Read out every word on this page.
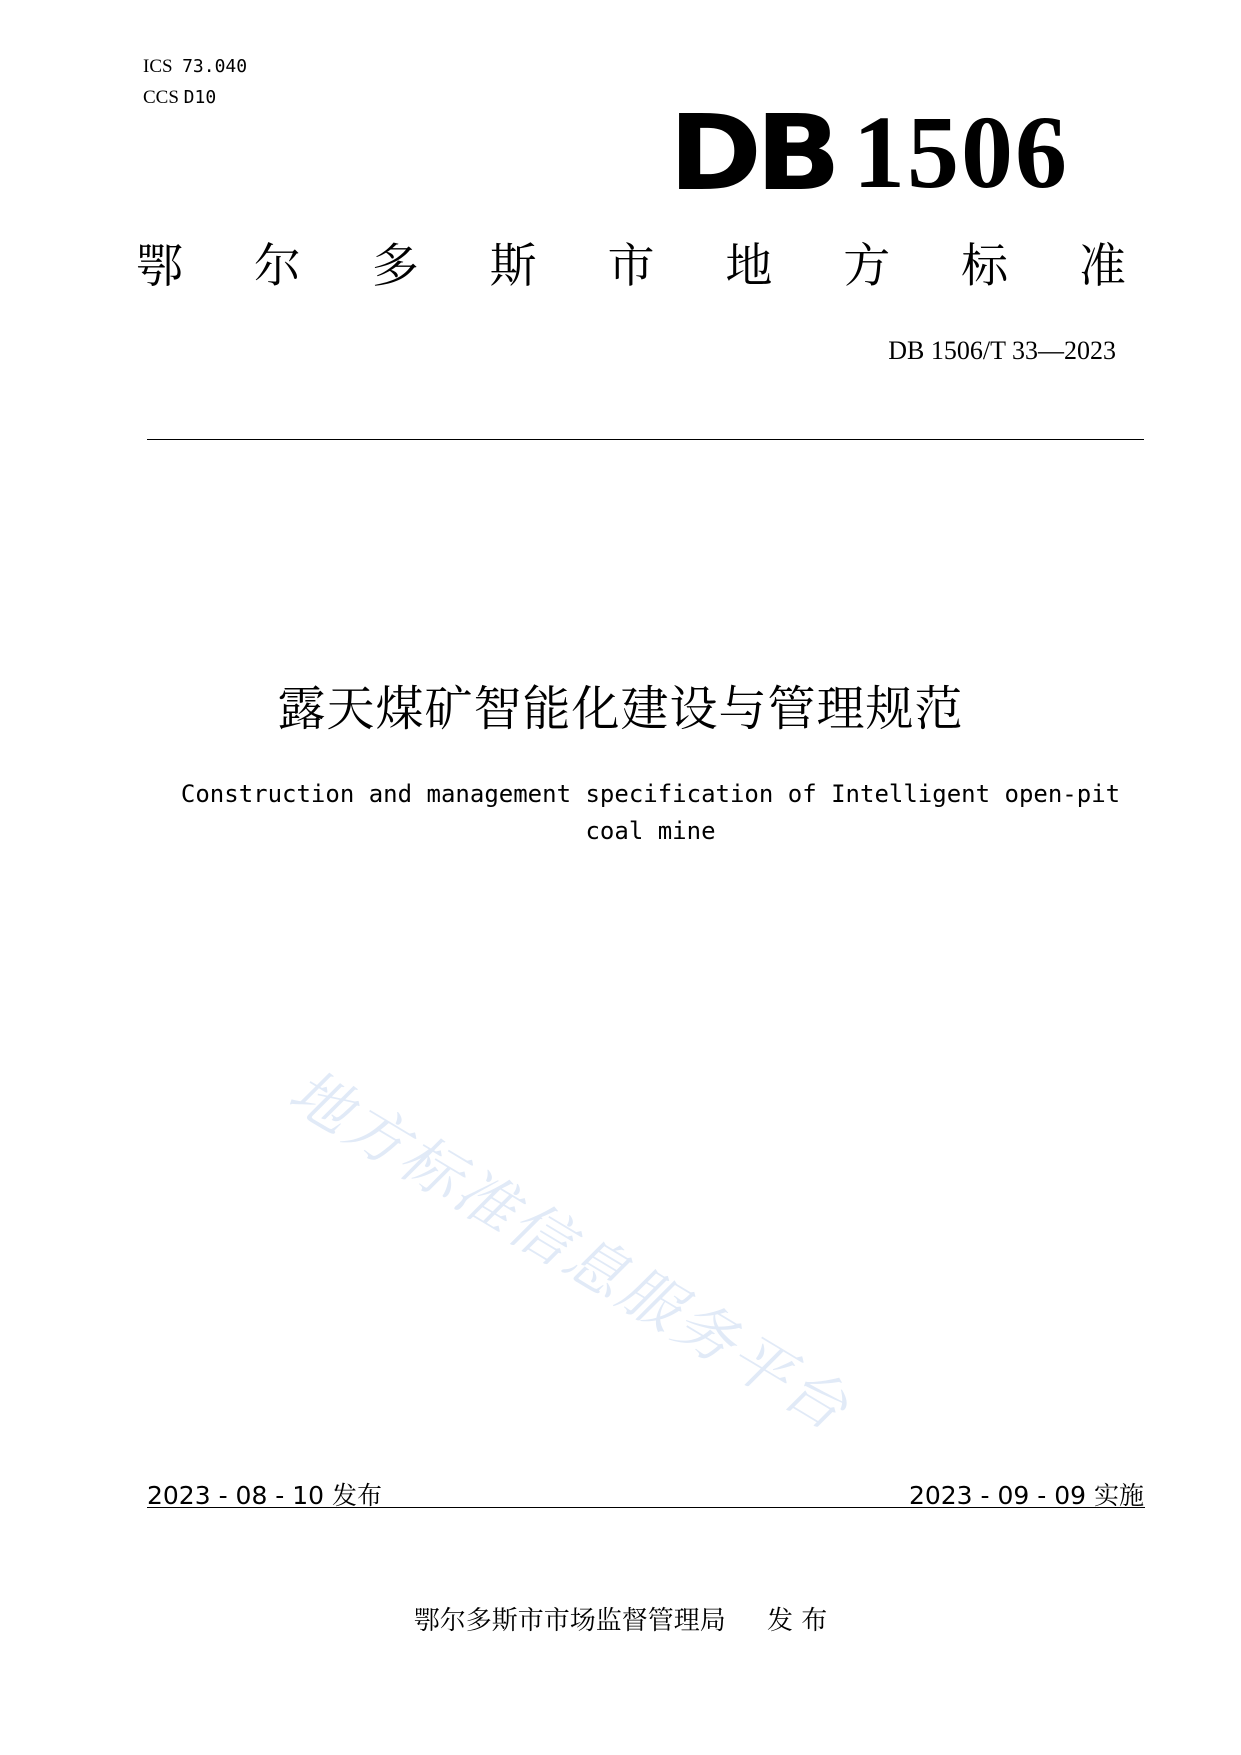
ICS 73.040
CCS D10	DB 1506
鄂 尔 多 斯 市 地 方 标 准
DB 1506/T 33—2023
露天煤矿智能化建设与管理规范
Construction and management specification of Intelligent open-pit
coal mine
地方标准信息服务平台
2023 - 08 - 10 发布	2023 - 09 - 09 实施
鄂尔多斯市市场监督管理局     发 布
